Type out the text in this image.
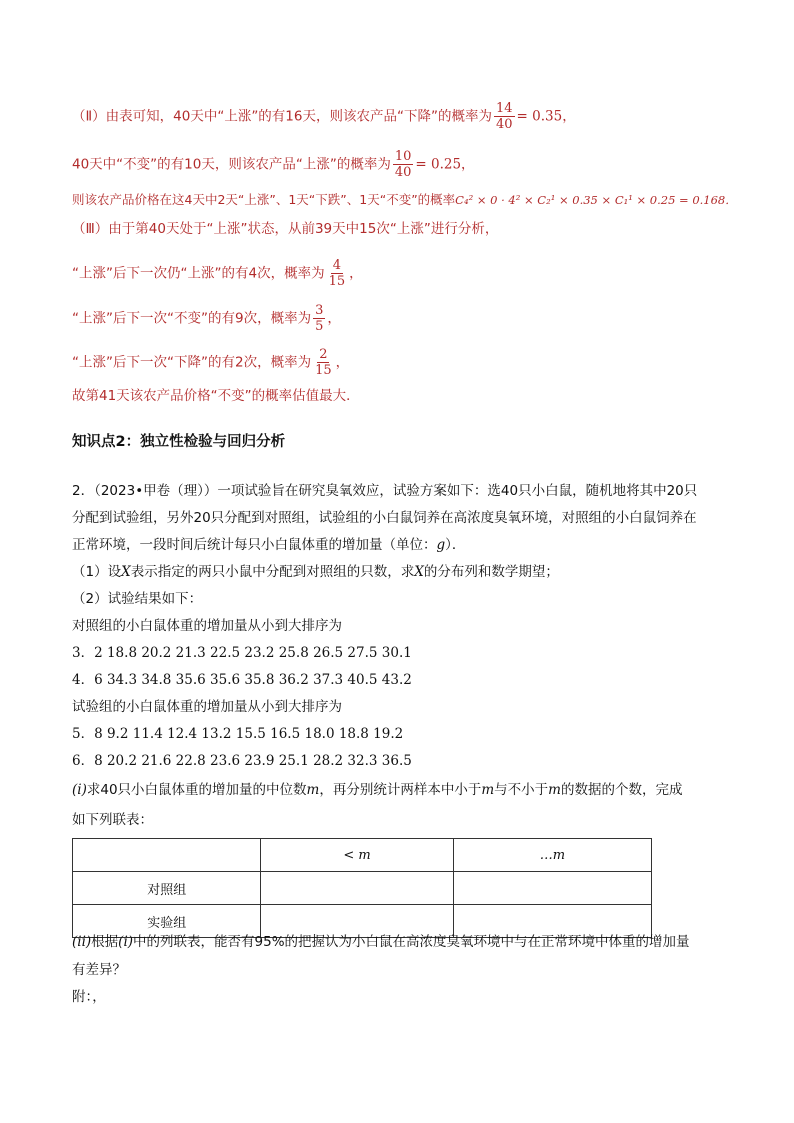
（Ⅱ）由表可知，40天中“上涨”的有16天，则该农产品“下降”的概率为 $\frac{14}{40} = 0.35$，
40天中“不变”的有10天，则该农产品“上涨”的概率为 $\frac{10}{40} = 0.25$，
则该农产品价格在这4天中2天“上涨”、1天“下跌”、1天“不变”的概率C₄² × 0 · 4² × C₂¹ × 0.35 × C₁¹ × 0.25 = 0.168．
（Ⅲ）由于第40天处于“上涨”状态，从前39天中15次“上涨”进行分析，
“上涨”后下一次仍“上涨”的有4次，概率为 $\frac{4}{15}$ ，
“上涨”后下一次“不变”的有9次，概率为 $\frac{3}{5}$ ，
“上涨”后下一次“下降”的有2次，概率为 $\frac{2}{15}$ ，
故第41天该农产品价格“不变”的概率估值最大．
知识点2：独立性检验与回归分析
2．（2023•甲卷（理））一项试验旨在研究臭氧效应，试验方案如下：选40只小白鼠，随机地将其中20只
分配到试验组，另外20只分配到对照组，试验组的小白鼠饲养在高浓度臭氧环境，对照组的小白鼠饲养在
正常环境，一段时间后统计每只小白鼠体重的增加量（单位：g）．
（1）设X表示指定的两只小鼠中分配到对照组的只数，求X的分布列和数学期望；
（2）试验结果如下：
对照组的小白鼠体重的增加量从小到大排序为
3．2 18.8 20.2 21.3 22.5 23.2 25.8 26.5 27.5 30.1
4．6 34.3 34.8 35.6 35.6 35.8 36.2 37.3 40.5 43.2
试验组的小白鼠体重的增加量从小到大排序为
5．8 9.2 11.4 12.4 13.2 15.5 16.5 18.0 18.8 19.2
6．8 20.2 21.6 22.8 23.6 23.9 25.1 28.2 32.3 36.5
(i)求40只小白鼠体重的增加量的中位数m，再分别统计两样本中小于m与不小于m的数据的个数，完成
如下列联表：
	< m	…m
对照组		
实验组		
(ii)根据(i)中的列联表，能否有95%的把握认为小白鼠在高浓度臭氧环境中与在正常环境中体重的增加量
有差异？
附：，
